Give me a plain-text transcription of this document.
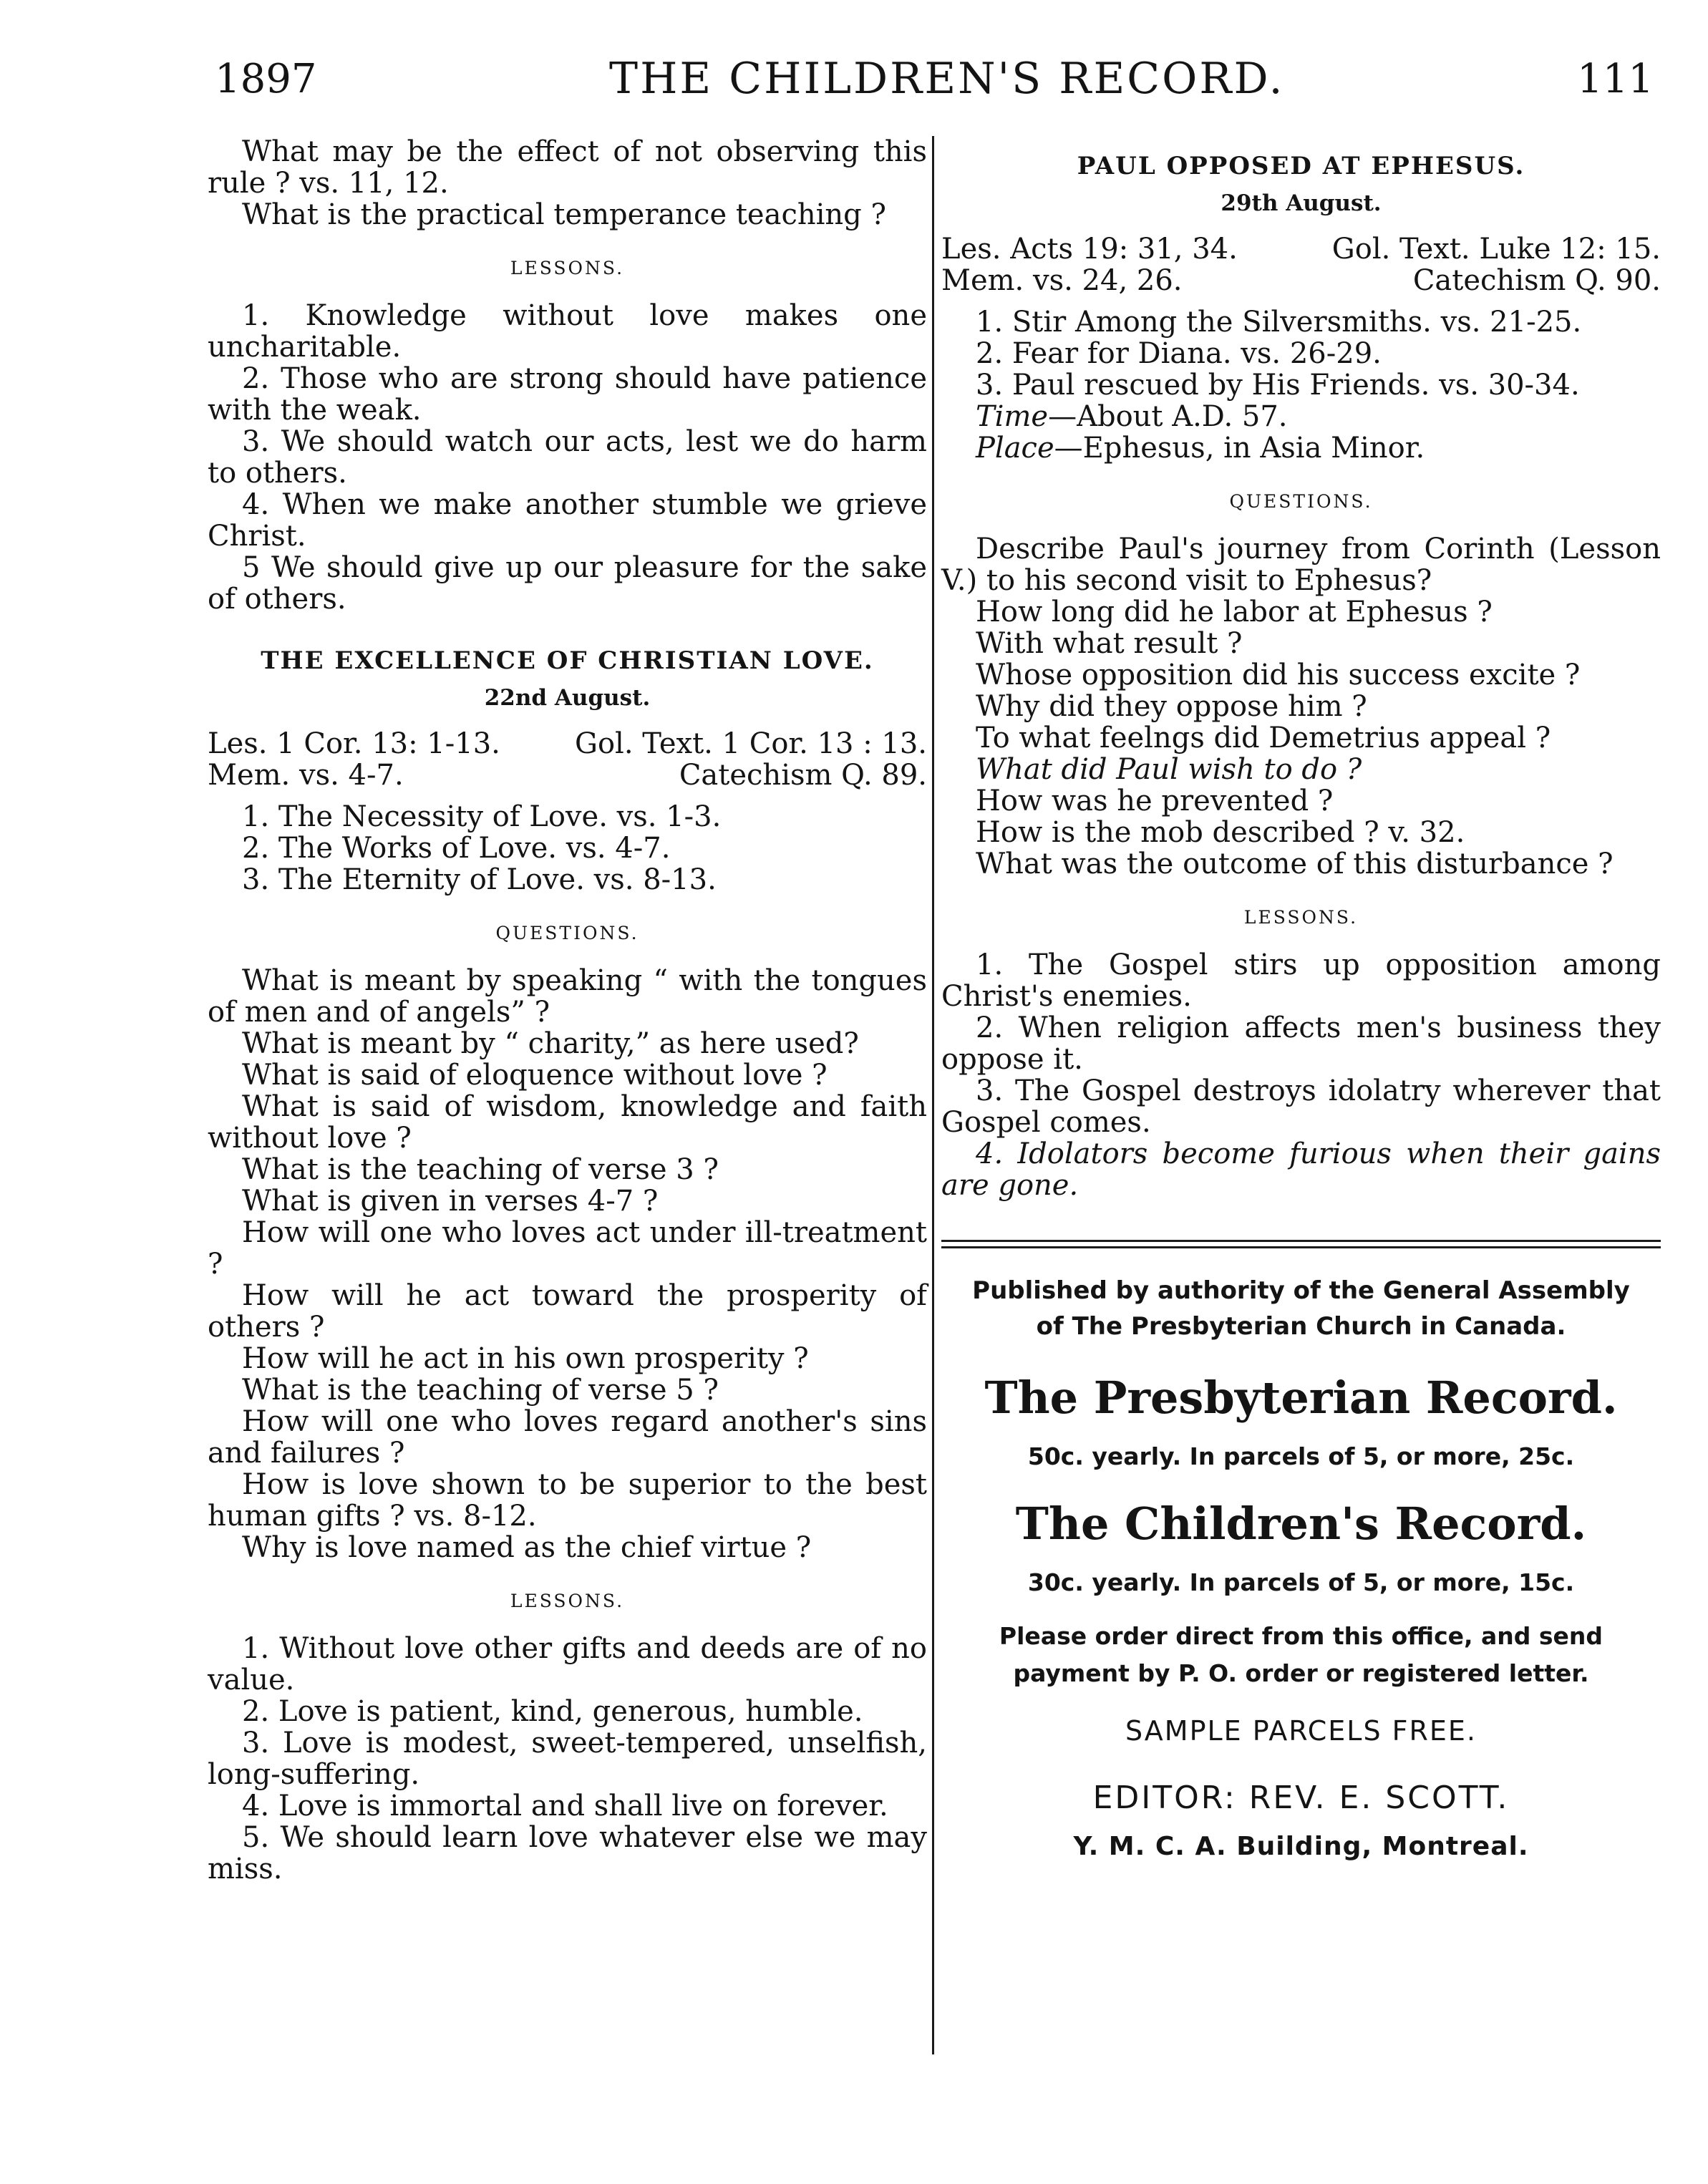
1897	THE CHILDREN'S RECORD.	111

What may be the effect of not observing this rule ? vs. 11, 12.

What is the practical temperance teaching ?

LESSONS.

1. Knowledge without love makes one uncharitable.

2. Those who are strong should have patience with the weak.

3. We should watch our acts, lest we do harm to others.

4. When we make another stumble we grieve Christ.

5 We should give up our pleasure for the sake of others.

THE EXCELLENCE OF CHRISTIAN LOVE.
22nd August.
Les. 1 Cor. 13: 1-13.	Gol. Text. 1 Cor. 13 : 13.
Mem. vs. 4-7.	Catechism Q. 89.

1. The Necessity of Love. vs. 1-3.

2. The Works of Love. vs. 4-7.

3. The Eternity of Love. vs. 8-13.

QUESTIONS.

What is meant by speaking “ with the tongues of men and of angels” ?

What is meant by “ charity,” as here used?

What is said of eloquence without love ?

What is said of wisdom, knowledge and faith without love ?

What is the teaching of verse 3 ?

What is given in verses 4-7 ?

How will one who loves act under ill-treatment ?

How will he act toward the prosperity of others ?

How will he act in his own prosperity ?

What is the teaching of verse 5 ?

How will one who loves regard another's sins and failures ?

How is love shown to be superior to the best human gifts ? vs. 8-12.

Why is love named as the chief virtue ?

LESSONS.

1. Without love other gifts and deeds are of no value.

2. Love is patient, kind, generous, humble.

3. Love is modest, sweet-tempered, unselfish, long-suffering.

4. Love is immortal and shall live on forever.

5. We should learn love whatever else we may miss.

PAUL OPPOSED AT EPHESUS.
29th August.
Les. Acts 19: 31, 34.	Gol. Text. Luke 12: 15.
Mem. vs. 24, 26.	Catechism Q. 90.

1. Stir Among the Silversmiths. vs. 21-25.

2. Fear for Diana. vs. 26-29.

3. Paul rescued by His Friends. vs. 30-34.

Time—About A.D. 57.

Place—Ephesus, in Asia Minor.

QUESTIONS.

Describe Paul's journey from Corinth (Lesson V.) to his second visit to Ephesus?

How long did he labor at Ephesus ?

With what result ?

Whose opposition did his success excite ?

Why did they oppose him ?

To what feelngs did Demetrius appeal ?

What did Paul wish to do ?

How was he prevented ?

How is the mob described ? v. 32.

What was the outcome of this disturbance ?

LESSONS.

1. The Gospel stirs up opposition among Christ's enemies.

2. When religion affects men's business they oppose it.

3. The Gospel destroys idolatry wherever that Gospel comes.

4. Idolators become furious when their gains are gone.

Published by authority of the General Assembly
of The Presbyterian Church in Canada.
The Presbyterian Record.
50c. yearly. In parcels of 5, or more, 25c.
The Children's Record.
30c. yearly. In parcels of 5, or more, 15c.
Please order direct from this office, and send
payment by P. O. order or registered letter.
SAMPLE PARCELS FREE.
EDITOR: REV. E. SCOTT.
Y. M. C. A. Building, Montreal.
